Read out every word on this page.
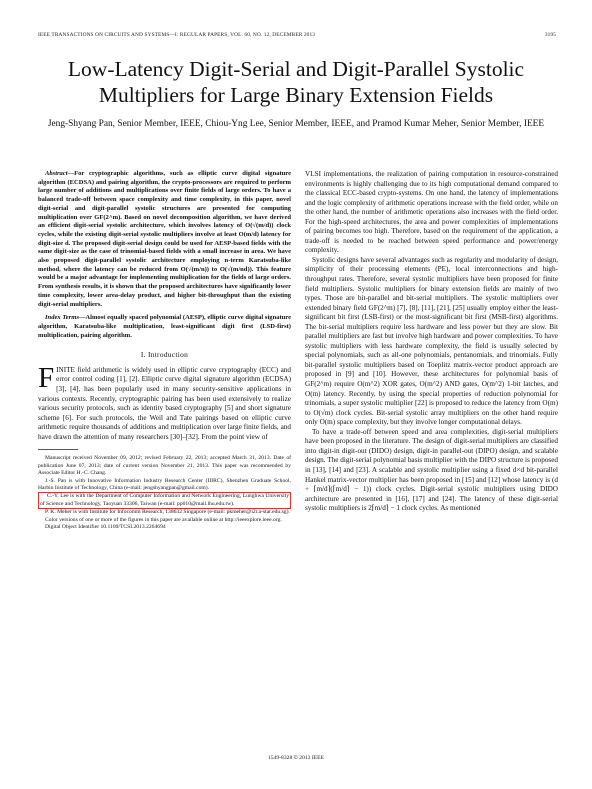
IEEE TRANSACTIONS ON CIRCUITS AND SYSTEMS—I: REGULAR PAPERS, VOL. 60, NO. 12, DECEMBER 2013	3195
Low-Latency Digit-Serial and Digit-Parallel Systolic Multipliers for Large Binary Extension Fields
Jeng-Shyang Pan, Senior Member, IEEE, Chiou-Yng Lee, Senior Member, IEEE, and Pramod Kumar Meher, Senior Member, IEEE

Abstract—For cryptographic algorithms, such as elliptic curve digital signature algorithm (ECDSA) and pairing algorithm, the crypto-processors are required to perform large number of additions and multiplications over finite fields of large orders. To have a balanced trade-off between space complexity and time complexity, in this paper, novel digit-serial and digit-parallel systolic structures are presented for computing multiplication over GF(2^m). Based on novel decomposition algorithm, we have derived an efficient digit-serial systolic architecture, which involves latency of O(√(m/d)) clock cycles, while the existing digit-serial systolic multipliers involve at least O(m/d) latency for digit-size d. The proposed digit-serial design could be used for AESP-based fields with the same digit-size as the case of trinomial-based fields with a small increase in area. We have also proposed digit-parallel systolic architecture employing n-term Karatsuba-like method, where the latency can be reduced from O(√(m/n)) to O(√(m/nd)). This feature would be a major advantage for implementing multiplication for the fields of large orders. From synthesis results, it is shown that the proposed architectures have significantly lower time complexity, lower area-delay product, and higher bit-throughput than the existing digit-serial multipliers.

Index Terms—Almost equally spaced polynomial (AESP), elliptic curve digital signature algorithm, Karatsuba-like multiplication, least-significant digit first (LSD-first) multiplication, pairing algorithm.

I. Introduction

FINITE field arithmetic is widely used in elliptic curve cryptography (ECC) and error control coding [1], [2]. Elliptic curve digital signature algorithm (ECDSA) [3], [4], has been popularly used in many security-sensitive applications in various contexts. Recently, cryptographic pairing has been used extensively to realize various security protocols, such as identity based cryptography [5] and short signature scheme [6]. For such protocols, the Weil and Tate pairings based on elliptic curve arithmetic require thousands of additions and multiplication over large finite fields, and have drawn the attention of many researchers [30]–[32]. From the point view of

Manuscript received November 09, 2012; revised February 22, 2013; accepted March 31, 2013. Date of publication June 07, 2013; date of current version November 21, 2013. This paper was recommended by Associate Editor H.-C. Chang.

J.-S. Pan is with Innovative Information Industry Research Center (IIIRC), Shenzhen Graduate School, Harbin Institute of Technology, China (e-mail: jengshyangpan@gmail.com).

C.-Y. Lee is with the Department of Computer Information and Network Engineering, Lunghwa University of Science and Technology, Taoyuan 33306, Taiwan (e-mail: pp010@mail.lhu.edu.tw).

P. K. Meher is with Institute for Infocomm Research, 138632 Singapore (e-mail: pkmeher@i2r.a-star.edu.sg).

Color versions of one or more of the figures in this paper are available online at http://ieeexplore.ieee.org.

Digital Object Identifier 10.1109/TCSI.2013.2264694

VLSI implementations, the realization of pairing computation in resource-constrained environments is highly challenging due to its high computational demand compared to the classical ECC-based crypto-systems. On one hand, the latency of implementations and the logic complexity of arithmetic operations increase with the field order, while on the other hand, the number of arithmetic operations also increases with the field order. For the high-speed architectures, the area and power complexities of implementations of pairing becomes too high. Therefore, based on the requirement of the application, a trade-off is needed to be reached between speed performance and power/energy complexity.

Systolic designs have several advantages such as regularity and modularity of design, simplicity of their processing elements (PE), local interconnections and high-throughput rates. Therefore, several systolic multipliers have been proposed for finite field multipliers. Systolic multipliers for binary extension fields are mainly of two types. Those are bit-parallel and bit-serial multipliers. The systolic multipliers over extended binary field GF(2^m) [7], [8], [11], [21], [25] usually employ either the least-significant bit first (LSB-first) or the most-significant bit first (MSB-first) algorithms. The bit-serial multipliers require less hardware and less power but they are slow. Bit parallel multipliers are fast but involve high hardware and power complexities. To have systolic multipliers with less hardware complexity, the field is usually selected by special polynomials, such as all-one polynomials, pentanomials, and trinomials. Fully bit-parallel systolic multipliers based on Toeplitz matrix-vector product approach are proposed in [9] and [10]. However, these architectures for polynomial basis of GF(2^m) require O(m^2) XOR gates, O(m^2) AND gates, O(m^2) 1-bit latches, and O(m) latency. Recently, by using the special properties of reduction polynomial for trinomials, a super systolic multiplier [22] is proposed to reduce the latency from O(m) to O(√m) clock cycles. Bit-serial systolic array multipliers on the other hand require only O(m) space complexity, but they involve longer computational delays.

To have a trade-off between speed and area complexities, digit-serial multipliers have been proposed in the literature. The design of digit-serial multipliers are classified into digit-in digit-out (DIDO) design, digit-in parallel-out (DIPO) design, and scalable design. The digit-serial polynomial basis multiplier with the DIPO structure is proposed in [13], [14] and [23]. A scalable and systolic multiplier using a fixed d×d bit-parallel Hankel matrix-vector multiplier has been proposed in [15] and [12] whose latency is (d + ⌈m/d⌉(⌈m/d⌉ − 1)) clock cycles. Digit-serial systolic multipliers using DIDO architecture are presented in [16], [17] and [24]. The latency of these digit-serial systolic multipliers is 2⌈m/d⌉ − 1 clock cycles. As mentioned

1549-8328 © 2013 IEEE
